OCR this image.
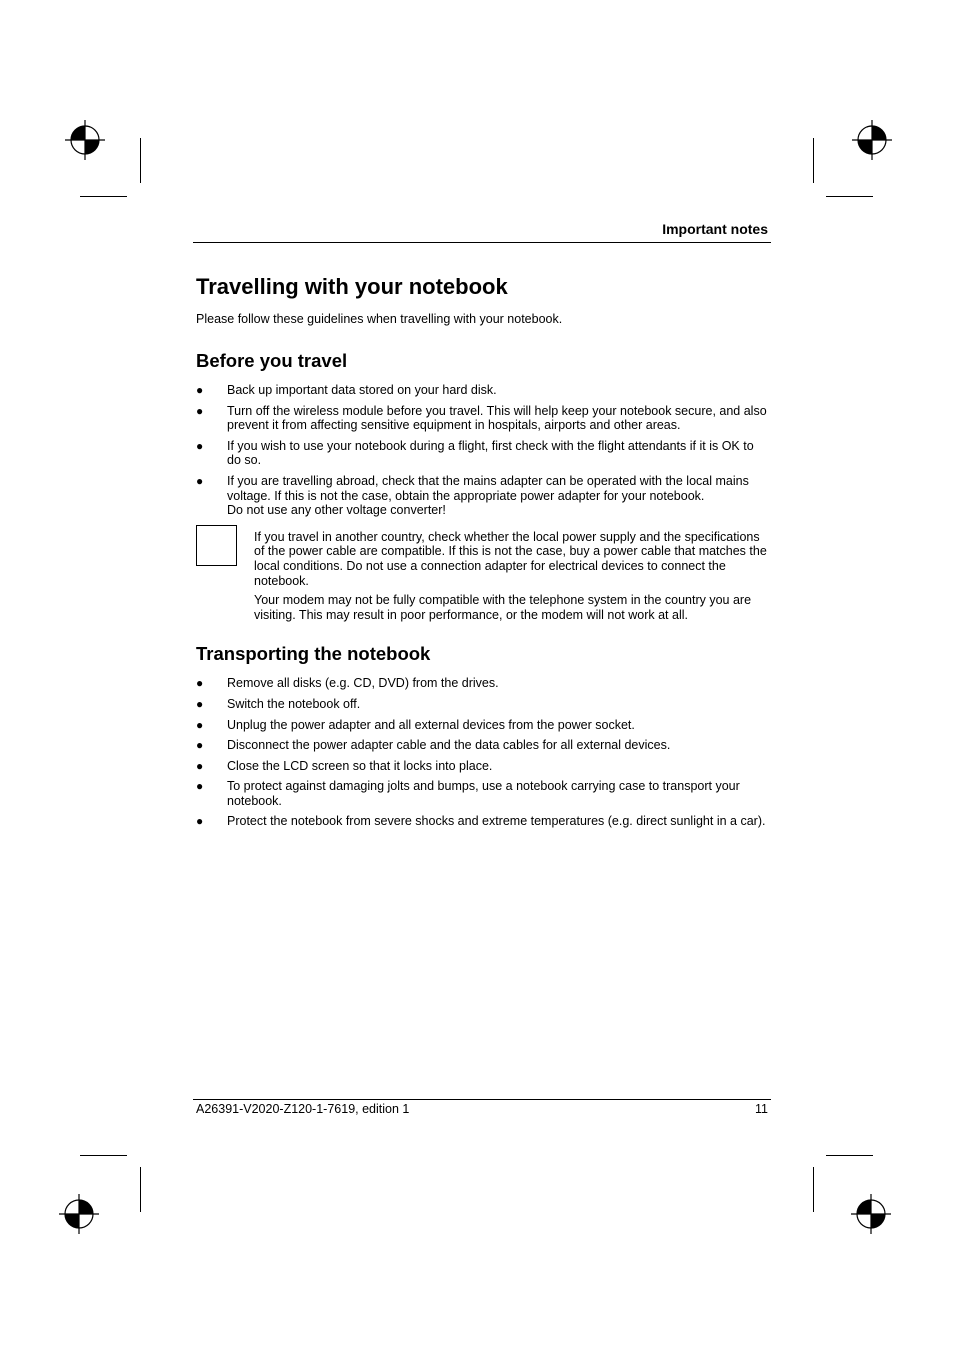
Important notes
Travelling with your notebook

Please follow these guidelines when travelling with your notebook.

Before you travel
● Back up important data stored on your hard disk.
● Turn off the wireless module before you travel. This will help keep your notebook secure, and also prevent it from affecting sensitive equipment in hospitals, airports and other areas.
● If you wish to use your notebook during a flight, first check with the flight attendants if it is OK to do so.
● If you are travelling abroad, check that the mains adapter can be operated with the local mains voltage. If this is not the case, obtain the appropriate power adapter for your notebook.
Do not use any other voltage converter!

If you travel in another country, check whether the local power supply and the specifications of the power cable are compatible. If this is not the case, buy a power cable that matches the local conditions. Do not use a connection adapter for electrical devices to connect the notebook.

Your modem may not be fully compatible with the telephone system in the country you are visiting. This may result in poor performance, or the modem will not work at all.

Transporting the notebook
● Remove all disks (e.g. CD, DVD) from the drives.
● Switch the notebook off.
● Unplug the power adapter and all external devices from the power socket.
● Disconnect the power adapter cable and the data cables for all external devices.
● Close the LCD screen so that it locks into place.
● To protect against damaging jolts and bumps, use a notebook carrying case to transport your notebook.
● Protect the notebook from severe shocks and extreme temperatures (e.g. direct sunlight in a car).
A26391-V2020-Z120-1-7619, edition 1	11
